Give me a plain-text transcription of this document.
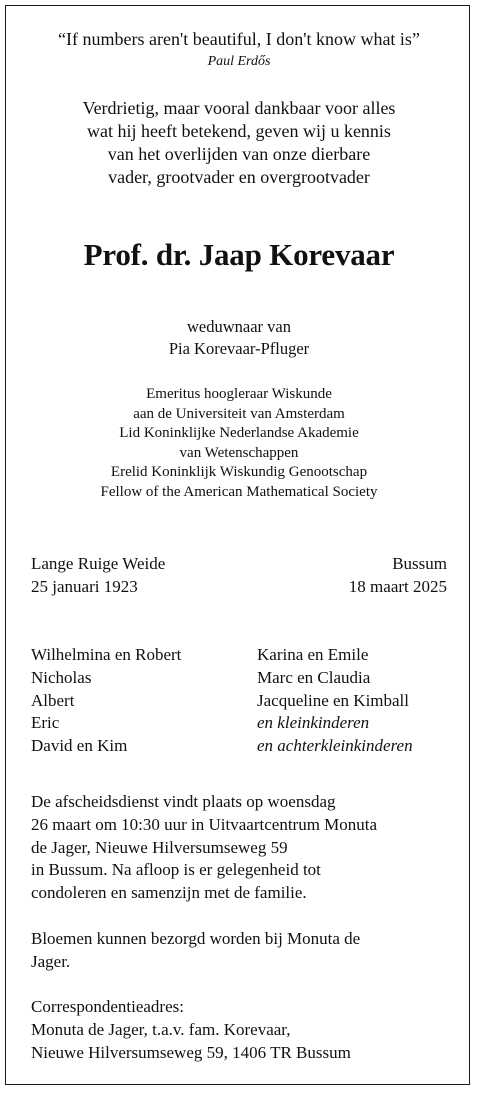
“If numbers aren't beautiful, I don't know what is”
Paul Erdős
Verdrietig, maar vooral dankbaar voor alles
wat hij heeft betekend, geven wij u kennis
van het overlijden van onze dierbare
vader, grootvader en overgrootvader
Prof. dr. Jaap Korevaar
weduwnaar van
Pia Korevaar-Pfluger
Emeritus hoogleraar Wiskunde
aan de Universiteit van Amsterdam
Lid Koninklijke Nederlandse Akademie
van Wetenschappen
Erelid Koninklijk Wiskundig Genootschap
Fellow of the American Mathematical Society
Lange Ruige Weide	Bussum
25 januari 1923	18 maart 2025
Wilhelmina en Robert
Nicholas
Albert
Eric
David en Kim
Karina en Emile
Marc en Claudia
Jacqueline en Kimball
en kleinkinderen
en achterkleinkinderen
De afscheidsdienst vindt plaats op woensdag
26 maart om 10:30 uur in Uitvaartcentrum Monuta
de Jager, Nieuwe Hilversumseweg 59
in Bussum. Na afloop is er gelegenheid tot
condoleren en samenzijn met de familie.
Bloemen kunnen bezorgd worden bij Monuta de
Jager.
Correspondentieadres:
Monuta de Jager, t.a.v. fam. Korevaar,
Nieuwe Hilversumseweg 59, 1406 TR Bussum
